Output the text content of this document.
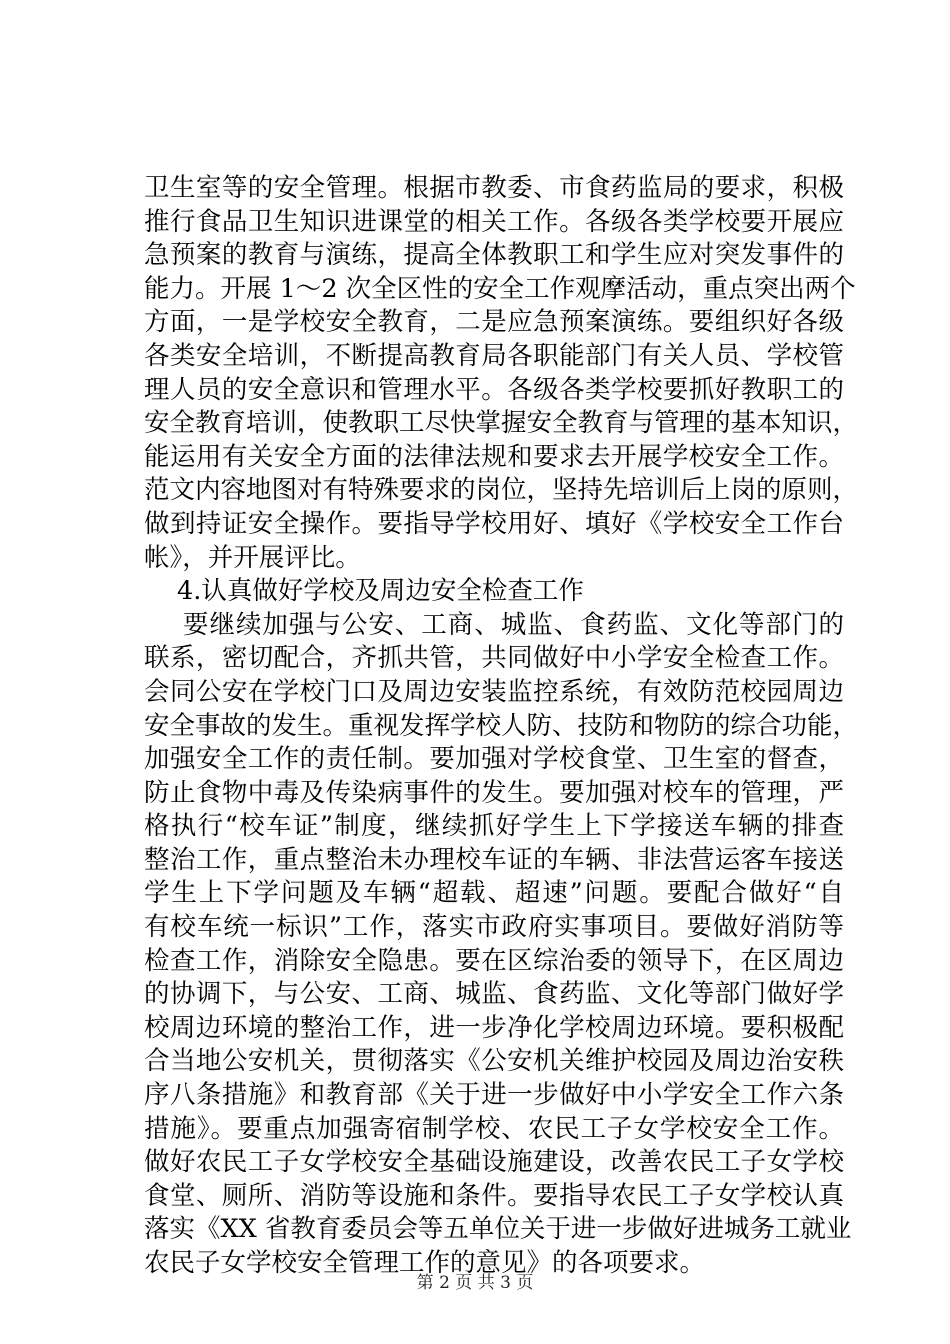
卫生室等的安全管理。根据市教委、市食药监局的要求，积极
推行食品卫生知识进课堂的相关工作。各级各类学校要开展应
急预案的教育与演练，提高全体教职工和学生应对突发事件的
能力。开展 1～2 次全区性的安全工作观摩活动，重点突出两个
方面，一是学校安全教育，二是应急预案演练。要组织好各级
各类安全培训，不断提高教育局各职能部门有关人员、学校管
理人员的安全意识和管理水平。各级各类学校要抓好教职工的
安全教育培训，使教职工尽快掌握安全教育与管理的基本知识，
能运用有关安全方面的法律法规和要求去开展学校安全工作。
范文内容地图对有特殊要求的岗位，坚持先培训后上岗的原则，
做到持证安全操作。要指导学校用好、填好《学校安全工作台
帐》，并开展评比。
4.认真做好学校及周边安全检查工作
要继续加强与公安、工商、城监、食药监、文化等部门的
联系，密切配合，齐抓共管，共同做好中小学安全检查工作。
会同公安在学校门口及周边安装监控系统，有效防范校园周边
安全事故的发生。重视发挥学校人防、技防和物防的综合功能，
加强安全工作的责任制。要加强对学校食堂、卫生室的督查，
防止食物中毒及传染病事件的发生。要加强对校车的管理，严
格执行“校车证”制度，继续抓好学生上下学接送车辆的排查
整治工作，重点整治未办理校车证的车辆、非法营运客车接送
学生上下学问题及车辆“超载、超速”问题。要配合做好“自
有校车统一标识”工作，落实市政府实事项目。要做好消防等
检查工作，消除安全隐患。要在区综治委的领导下，在区周边
的协调下，与公安、工商、城监、食药监、文化等部门做好学
校周边环境的整治工作，进一步净化学校周边环境。要积极配
合当地公安机关，贯彻落实《公安机关维护校园及周边治安秩
序八条措施》和教育部《关于进一步做好中小学安全工作六条
措施》。要重点加强寄宿制学校、农民工子女学校安全工作。
做好农民工子女学校安全基础设施建设，改善农民工子女学校
食堂、厕所、消防等设施和条件。要指导农民工子女学校认真
落实《XX 省教育委员会等五单位关于进一步做好进城务工就业
农民子女学校安全管理工作的意见》的各项要求。
第 2 页 共 3 页
